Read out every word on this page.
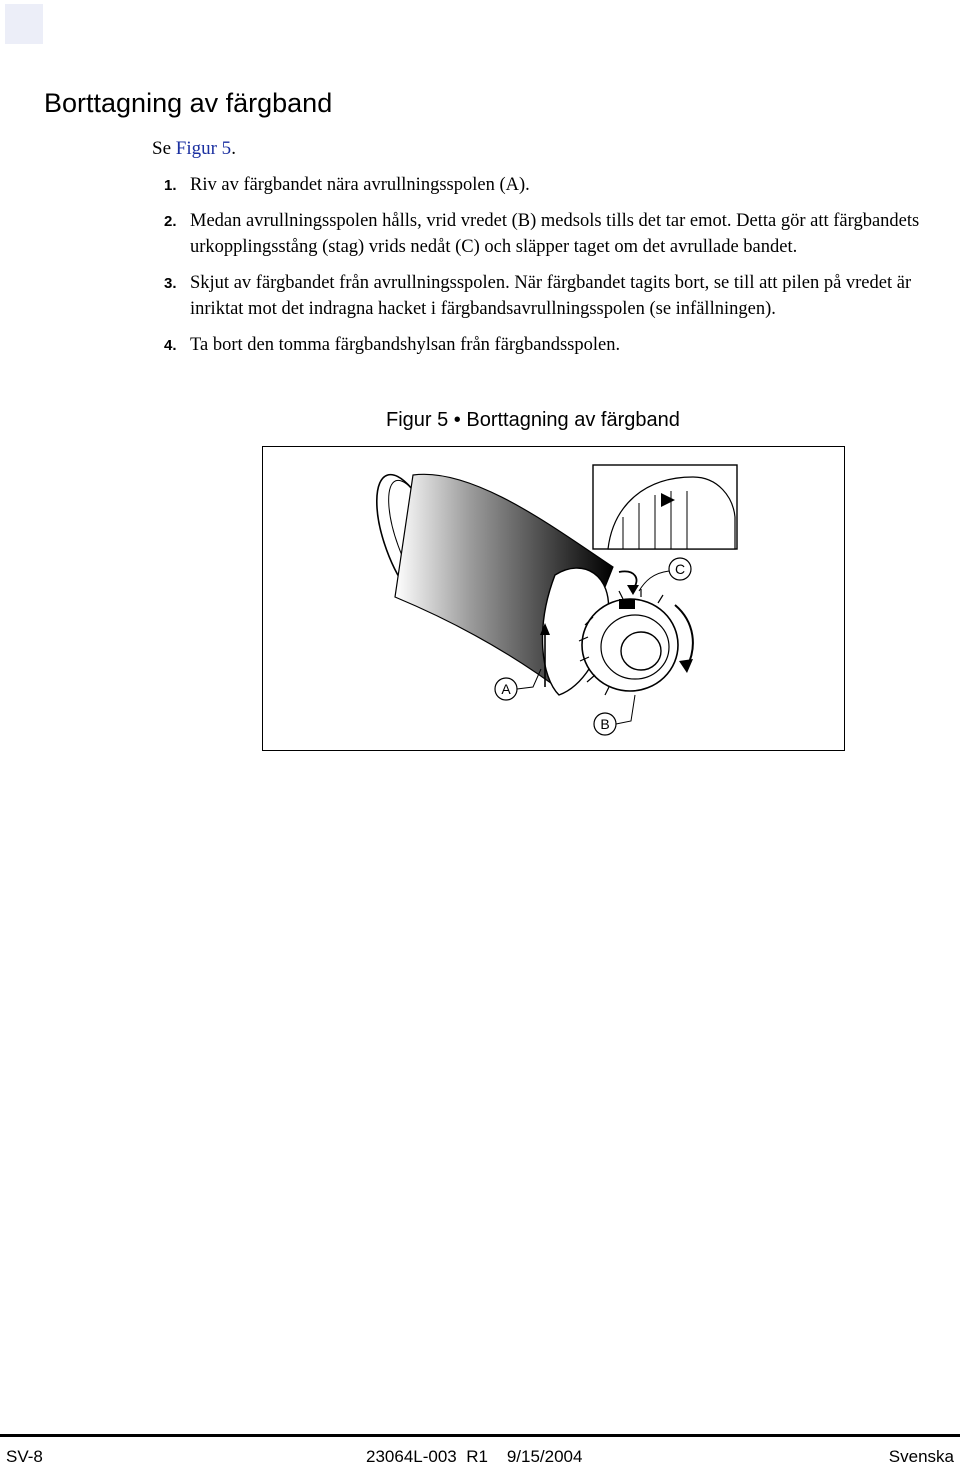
Borttagning av färgband
Se Figur 5.
1. Riv av färgbandet nära avrullningsspolen (A).
2. Medan avrullningsspolen hålls, vrid vredet (B) medsols tills det tar emot. Detta gör att färgbandets urkopplingsstång (stag) vrids nedåt (C) och släpper taget om det avrullade bandet.
3. Skjut av färgbandet från avrullningsspolen. När färgbandet tagits bort, se till att pilen på vredet är inriktat mot det indragna hacket i färgbandsavrullningsspolen (se infällningen).
4. Ta bort den tomma färgbandshylsan från färgbandsspolen.
Figur 5 • Borttagning av färgband
C
A
B
SV-8	23064L-003  R1    9/15/2004	Svenska
